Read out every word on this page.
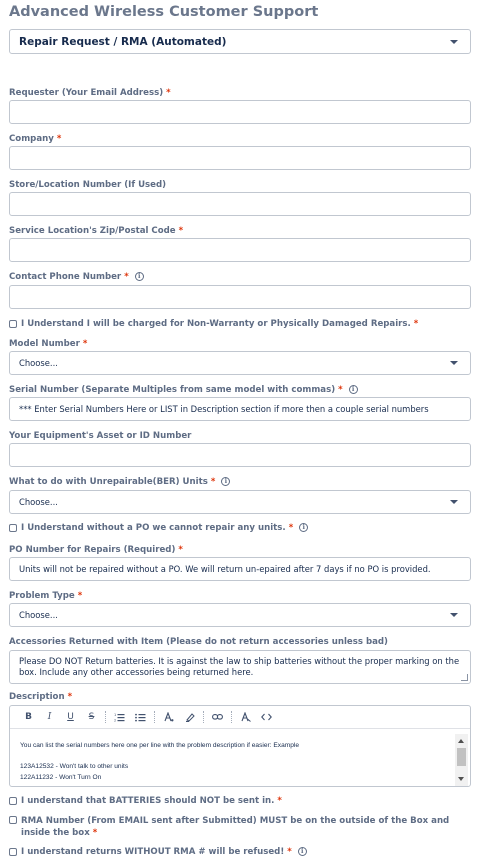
Advanced Wireless Customer Support
Repair Request / RMA (Automated)
Requester (Your Email Address) *
Company *
Store/Location Number (If Used)
Service Location's Zip/Postal Code *
Contact Phone Number * i
I Understand I will be charged for Non-Warranty or Physically Damaged Repairs. *
Model Number *
Choose...
Serial Number (Separate Multiples from same model with commas) * i
*** Enter Serial Numbers Here or LIST in Description section if more then a couple serial numbers
Your Equipment's Asset or ID Number
What to do with Unrepairable(BER) Units * i
Choose...
I Understand without a PO we cannot repair any units. * i
PO Number for Repairs (Required) *
Units will not be repaired without a PO. We will return un-epaired after 7 days if no PO is provided.
Problem Type *
Choose...
Accessories Returned with Item (Please do not return accessories unless bad)
Please DO NOT Return batteries. It is against the law to ship batteries without the proper marking on the
box. Include any other accessories being returned here.
Description *
B	I	U	S	1
2
You can list the serial numbers here one per line with the problem description if easier: Example
123A12532 - Won't talk to other units
122A11232 - Won't Turn On
I understand that BATTERIES should NOT be sent in. *
RMA Number (From EMAIL sent after Submitted) MUST be on the outside of the Box and inside the box *
I understand returns WITHOUT RMA # will be refused! * i
